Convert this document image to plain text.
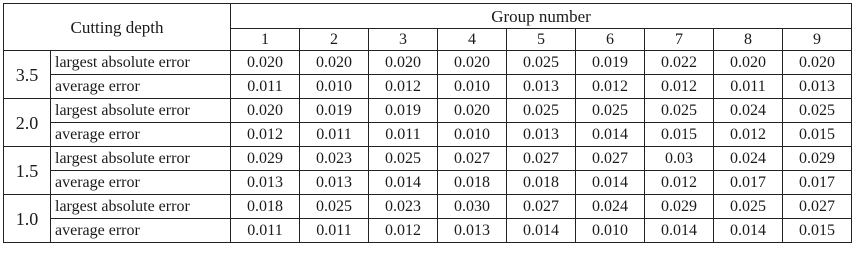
Cutting depth		Group number								
		1	2	3	4	5	6	7	8	9
3.5	largest absolute error	0.020	0.020	0.020	0.020	0.025	0.019	0.022	0.020	0.020
	average error	0.011	0.010	0.012	0.010	0.013	0.012	0.012	0.011	0.013
2.0	largest absolute error	0.020	0.019	0.019	0.020	0.025	0.025	0.025	0.024	0.025
	average error	0.012	0.011	0.011	0.010	0.013	0.014	0.015	0.012	0.015
1.5	largest absolute error	0.029	0.023	0.025	0.027	0.027	0.027	0.03	0.024	0.029
	average error	0.013	0.013	0.014	0.018	0.018	0.014	0.012	0.017	0.017
1.0	largest absolute error	0.018	0.025	0.023	0.030	0.027	0.024	0.029	0.025	0.027
	average error	0.011	0.011	0.012	0.013	0.014	0.010	0.014	0.014	0.015
